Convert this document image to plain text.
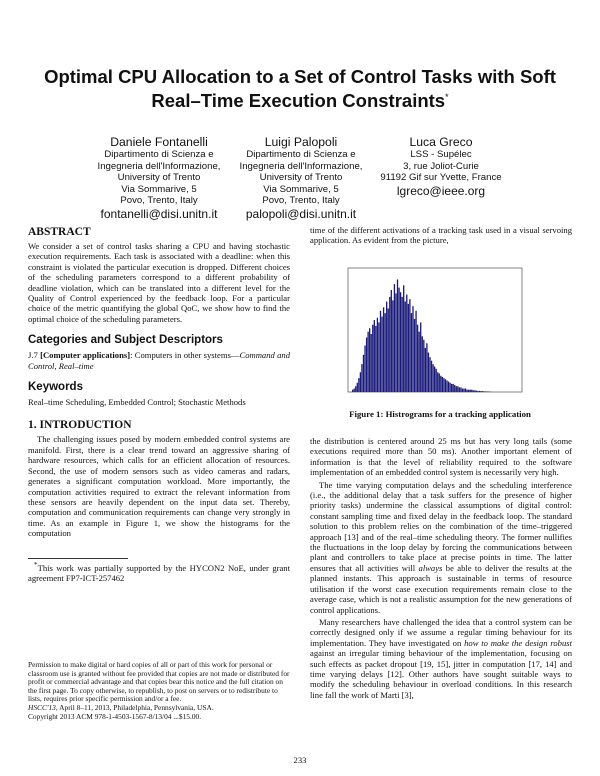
Optimal CPU Allocation to a Set of Control Tasks with Soft
Real–Time Execution Constraints*
Daniele Fontanelli
Dipartimento di Scienza e
Ingegneria dell'Informazione,
University of Trento
Via Sommarive, 5
Povo, Trento, Italy
fontanelli@disi.unitn.it
Luigi Palopoli
Dipartimento di Scienza e
Ingegneria dell'Informazione,
University of Trento
Via Sommarive, 5
Povo, Trento, Italy
palopoli@disi.unitn.it
Luca Greco
LSS - Supélec
3, rue Joliot-Curie
91192 Gif sur Yvette, France
lgreco@ieee.org
ABSTRACT

We consider a set of control tasks sharing a CPU and having stochastic execution requirements. Each task is associated with a deadline: when this constraint is violated the particular execution is dropped. Different choices of the scheduling parameters correspond to a different probability of deadline violation, which can be translated into a different level for the Quality of Control experienced by the feedback loop. For a particular choice of the metric quantifying the global QoC, we show how to find the optimal choice of the scheduling parameters.

Categories and Subject Descriptors

J.7 [Computer applications]: Computers in other systems—Command and Control, Real–time

Keywords

Real–time Scheduling, Embedded Control; Stochastic Methods

1. INTRODUCTION

The challenging issues posed by modern embedded control systems are manifold. First, there is a clear trend toward an aggressive sharing of hardware resources, which calls for an efficient allocation of resources. Second, the use of modern sensors such as video cameras and radars, generates a significant computation workload. More importantly, the computation activities required to extract the relevant information from these sensors are heavily dependent on the input data set. Thereby, computation and communication requirements can change very strongly in time. As an example in Figure 1, we show the histograms for the computation

*This work was partially supported by the HYCON2 NoE, under grant agreement FP7-ICT-257462

Permission to make digital or hard copies of all or part of this work for personal or classroom use is granted without fee provided that copies are not made or distributed for profit or commercial advantage and that copies bear this notice and the full citation on the first page. To copy otherwise, to republish, to post on servers or to redistribute to lists, requires prior specific permission and/or a fee.

HSCC'13, April 8–11, 2013, Philadelphia, Pennsylvania, USA.

Copyright 2013 ACM 978-1-4503-1567-8/13/04 ...$15.00.

time of the different activations of a tracking task used in a visual servoing application. As evident from the picture,

Figure 1: Histrograms for a tracking application

the distribution is centered around 25 ms but has very long tails (some executions required more than 50 ms). Another important element of information is that the level of reliability required to the software implementation of an embedded control system is necessarily very high.

The time varying computation delays and the scheduling interference (i.e., the additional delay that a task suffers for the presence of higher priority tasks) undermine the classical assumptions of digital control: constant sampling time and fixed delay in the feedback loop. The standard solution to this problem relies on the combination of the time–triggered approach [13] and of the real–time scheduling theory. The former nullifies the fluctuations in the loop delay by forcing the communications between plant and controllers to take place at precise points in time. The latter ensures that all activities will always be able to deliver the results at the planned instants. This approach is sustainable in terms of resource utilisation if the worst case execution requirements remain close to the average case, which is not a realistic assumption for the new generations of control applications.

Many researchers have challenged the idea that a control system can be correctly designed only if we assume a regular timing behaviour for its implementation. They have investigated on how to make the design robust against an irregular timing behaviour of the implementation, focusing on such effects as packet dropout [19, 15], jitter in computation [17, 14] and time varying delays [12]. Other authors have sought suitable ways to modify the scheduling behaviour in overload conditions. In this research line fall the work of Marti [3],

233
